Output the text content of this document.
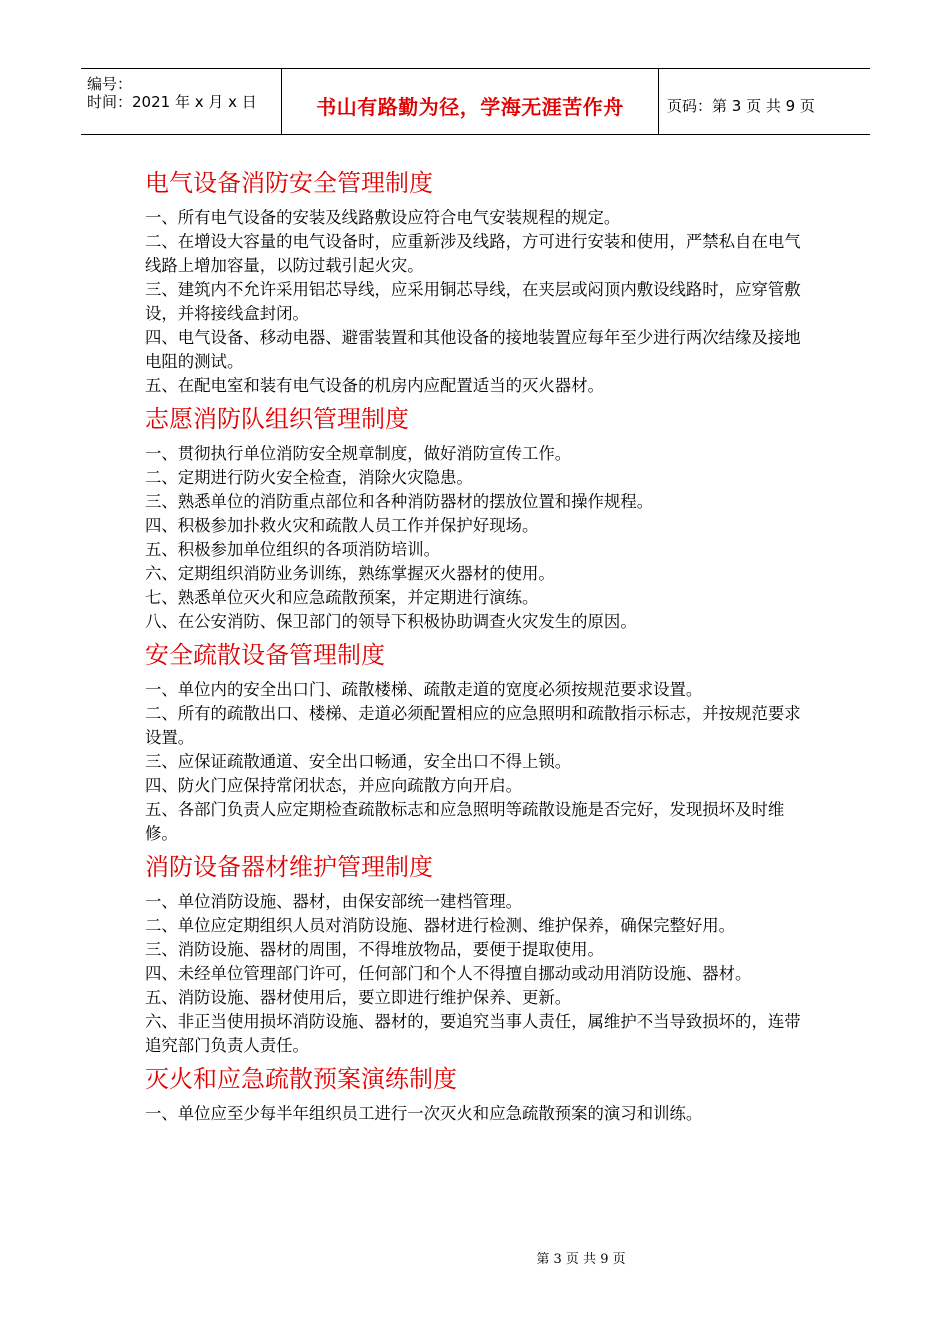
编号：
时间：2021 年 x 月 x 日	书山有路勤为径，学海无涯苦作舟	页码：第 3 页 共 9 页
电气设备消防安全管理制度

一、所有电气设备的安装及线路敷设应符合电气安装规程的规定。

二、在增设大容量的电气设备时，应重新涉及线路，方可进行安装和使用，严禁私自在电气线路上增加容量，以防过载引起火灾。

三、建筑内不允许采用铝芯导线，应采用铜芯导线，在夹层或闷顶内敷设线路时，应穿管敷设，并将接线盒封闭。

四、电气设备、移动电器、避雷装置和其他设备的接地装置应每年至少进行两次结缘及接地电阻的测试。

五、在配电室和装有电气设备的机房内应配置适当的灭火器材。

志愿消防队组织管理制度

一、贯彻执行单位消防安全规章制度，做好消防宣传工作。

二、定期进行防火安全检查，消除火灾隐患。

三、熟悉单位的消防重点部位和各种消防器材的摆放位置和操作规程。

四、积极参加扑救火灾和疏散人员工作并保护好现场。

五、积极参加单位组织的各项消防培训。

六、定期组织消防业务训练，熟练掌握灭火器材的使用。

七、熟悉单位灭火和应急疏散预案，并定期进行演练。

八、在公安消防、保卫部门的领导下积极协助调查火灾发生的原因。

安全疏散设备管理制度

一、单位内的安全出口门、疏散楼梯、疏散走道的宽度必须按规范要求设置。

二、所有的疏散出口、楼梯、走道必须配置相应的应急照明和疏散指示标志，并按规范要求设置。

三、应保证疏散通道、安全出口畅通，安全出口不得上锁。

四、防火门应保持常闭状态，并应向疏散方向开启。

五、各部门负责人应定期检查疏散标志和应急照明等疏散设施是否完好，发现损坏及时维修。

消防设备器材维护管理制度

一、单位消防设施、器材，由保安部统一建档管理。

二、单位应定期组织人员对消防设施、器材进行检测、维护保养，确保完整好用。

三、消防设施、器材的周围，不得堆放物品，要便于提取使用。

四、未经单位管理部门许可，任何部门和个人不得擅自挪动或动用消防设施、器材。

五、消防设施、器材使用后，要立即进行维护保养、更新。

六、非正当使用损坏消防设施、器材的，要追究当事人责任，属维护不当导致损坏的，连带追究部门负责人责任。

灭火和应急疏散预案演练制度

一、单位应至少每半年组织员工进行一次灭火和应急疏散预案的演习和训练。

第 3 页 共 9 页
